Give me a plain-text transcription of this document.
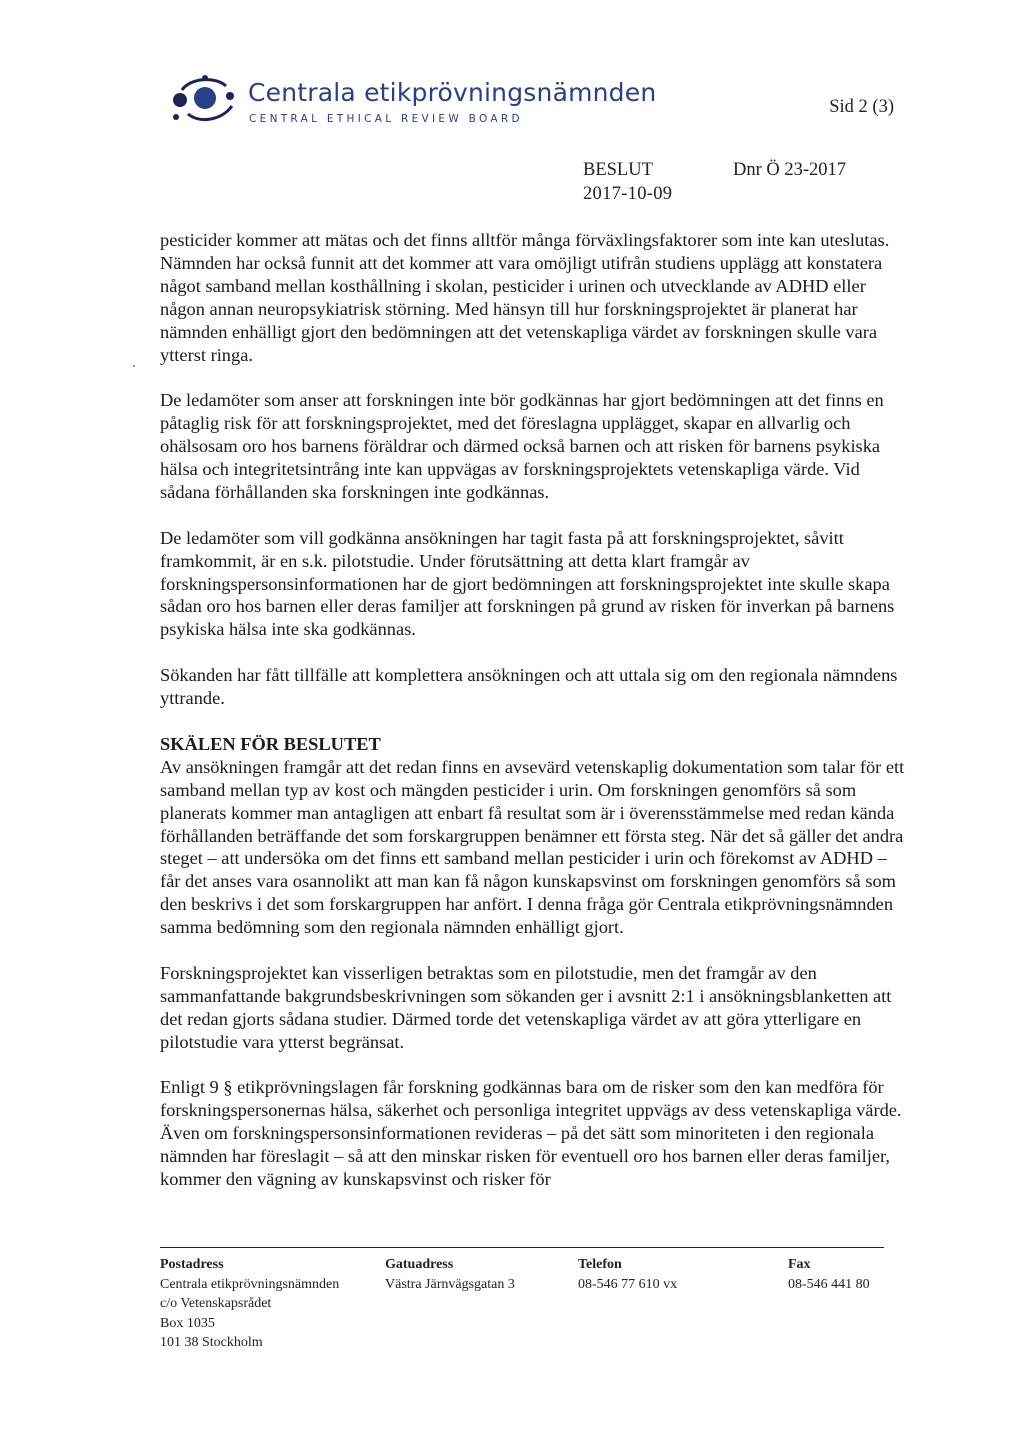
Centrala etikprövningsnämnden
CENTRAL ETHICAL REVIEW BOARD
Sid 2 (3)
BESLUT
2017-10-09
Dnr Ö 23-2017

pesticider kommer att mätas och det finns alltför många förväxlingsfaktorer som inte kan uteslutas. Nämnden har också funnit att det kommer att vara omöjligt utifrån studiens upplägg att konstatera något samband mellan kosthållning i skolan, pesticider i urinen och utvecklande av ADHD eller någon annan neuropsykiatrisk störning. Med hänsyn till hur forskningsprojektet är planerat har nämnden enhälligt gjort den bedömningen att det vetenskapliga värdet av forskningen skulle vara ytterst ringa.

De ledamöter som anser att forskningen inte bör godkännas har gjort bedömningen att det finns en påtaglig risk för att forskningsprojektet, med det föreslagna upplägget, skapar en allvarlig och ohälsosam oro hos barnens föräldrar och därmed också barnen och att risken för barnens psykiska hälsa och integritetsintrång inte kan uppvägas av forskningsprojektets vetenskapliga värde. Vid sådana förhållanden ska forskningen inte godkännas.

De ledamöter som vill godkänna ansökningen har tagit fasta på att forskningsprojektet, såvitt framkommit, är en s.k. pilotstudie. Under förutsättning att detta klart framgår av forskningspersonsinformationen har de gjort bedömningen att forskningsprojektet inte skulle skapa sådan oro hos barnen eller deras familjer att forskningen på grund av risken för inverkan på barnens psykiska hälsa inte ska godkännas.

Sökanden har fått tillfälle att komplettera ansökningen och att uttala sig om den regionala nämndens yttrande.

SKÄLEN FÖR BESLUTET

Av ansökningen framgår att det redan finns en avsevärd vetenskaplig dokumentation som talar för ett samband mellan typ av kost och mängden pesticider i urin. Om forskningen genomförs så som planerats kommer man antagligen att enbart få resultat som är i överensstämmelse med redan kända förhållanden beträffande det som forskargruppen benämner ett första steg. När det så gäller det andra steget – att undersöka om det finns ett samband mellan pesticider i urin och förekomst av ADHD – får det anses vara osannolikt att man kan få någon kunskapsvinst om forskningen genomförs så som den beskrivs i det som forskargruppen har anfört. I denna fråga gör Centrala etikprövningsnämnden samma bedömning som den regionala nämnden enhälligt gjort.

Forskningsprojektet kan visserligen betraktas som en pilotstudie, men det framgår av den sammanfattande bakgrundsbeskrivningen som sökanden ger i avsnitt 2:1 i ansökningsblanketten att det redan gjorts sådana studier. Därmed torde det vetenskapliga värdet av att göra ytterligare en pilotstudie vara ytterst begränsat.

Enligt 9 § etikprövningslagen får forskning godkännas bara om de risker som den kan medföra för forskningspersonernas hälsa, säkerhet och personliga integritet uppvägs av dess vetenskapliga värde. Även om forskningspersonsinformationen revideras – på det sätt som minoriteten i den regionala nämnden har föreslagit – så att den minskar risken för eventuell oro hos barnen eller deras familjer, kommer den vägning av kunskapsvinst och risker för

Postadress
Centrala etikprövningsnämnden
c/o Vetenskapsrådet
Box 1035
101 38 Stockholm
Gatuadress
Västra Järnvägsgatan 3
Telefon
08-546 77 610 vx
Fax
08-546 441 80
